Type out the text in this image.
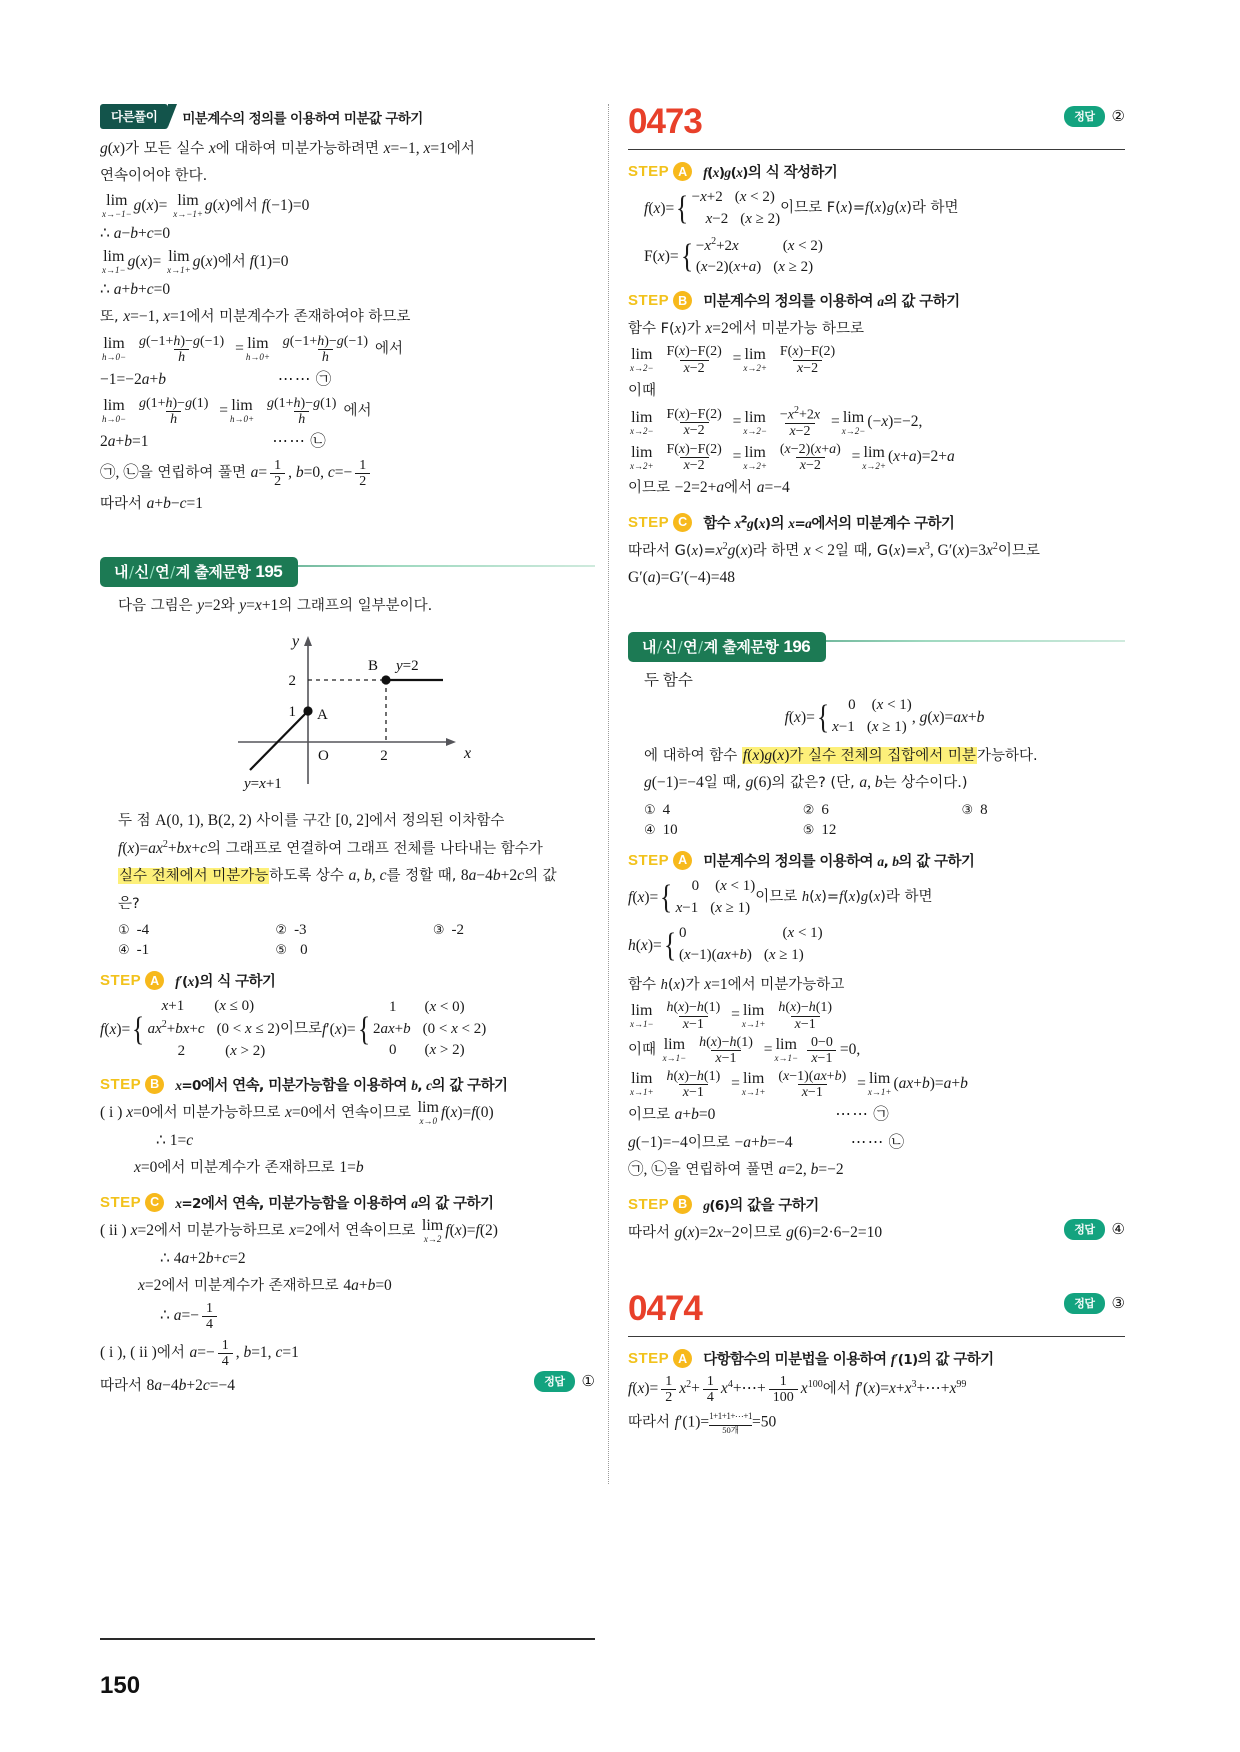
다른풀이	미분계수의 정의를 이용하여 미분값 구하기
g(x)가 모든 실수 x에 대하여 미분가능하려면 x=−1, x=1에서
연속이어야 한다.
lim
x→−1−
g(x)= lim
x→−1+
g(x)에서 f(−1)=0
∴ a−b+c=0
lim
x→1−
g(x)= lim
x→1+
g(x)에서 f(1)=0
∴ a+b+c=0
또, x=−1, x=1에서 미분계수가 존재하여야 하므로
lim
h→0−
$\frac{g(-1+h)-g(-1)}{h} = \lim$
h→0+
$\frac{g(-1+h)-g(-1)}{h}$ 에서
−1=−2a+b	⋯⋯ ㉠
lim
h→0−
$\frac{g(1+h)-g(1)}{h} = \lim$
h→0+
$\frac{g(1+h)-g(1)}{h}$ 에서
2a+b=1	⋯⋯ ㉡
㉠, ㉡을 연립하여 풀면 $a= \frac{1}{2}$ , b=0, $c=- \frac{1}{2}$
따라서 a+b−c=1
내/신/연/계 출제문항 195
다음 그림은 y=2와 y=x+1의 그래프의 일부분이다.
2
1
2
O
y
x
A
B y=2
y=x+1
두 점 A(0, 1), B(2, 2) 사이를 구간 [0, 2]에서 정의된 이차함수
$f(x)=ax^2+bx+c$의 그래프로 연결하여 그래프 전체를 나타내는 함수가
실수 전체에서 미분가능하도록 상수 a, b, c를 정할 때, 8a−4b+2c의 값
은?
① -4	② -3	③ -2
④ -1	⑤ 0
STEP A	f′(x)의 식 구하기
f(x)= {
x+1 (x ≤ 0)
$ax^2+bx+c$ (0 < x ≤ 2)
2	(x > 2)
이므로 f ′( x )= {
1 (x < 0)
2ax+b (0 < x < 2)
0 (x > 2)
STEP B	x=0에서 연속, 미분가능함을 이용하여 b, c의 값 구하기
( i ) x=0에서 미분가능하므로 x=0에서 연속이므로 lim
x→0
f(x)=f(0)
∴ 1=c
x=0에서 미분계수가 존재하므로 1=b
STEP C	x=2에서 연속, 미분가능함을 이용하여 a의 값 구하기
( ii ) x=2에서 미분가능하므로 x=2에서 연속이므로 lim
x→2
f(x)=f(2)
∴ 4a+2b+c=2
x=2에서 미분계수가 존재하므로 4a+b=0
∴ $a=- \frac{1}{4}$
( i ), ( ii )에서 $a=- \frac{1}{4}$ , b=1, c=1
따라서 8a−4b+2c=−4	정답	①
0473	정답	②
STEP A	f(x)g(x)의 식 작성하기
f(x)= { −x+2 (x < 2)
x−2 (x ≥ 2)
이므로 F(x)=f(x)g(x)라 하면
F(x)= { $-x^2+2x$	(x < 2)
(x−2)(x+a) (x ≥ 2)
STEP B	미분계수의 정의를 이용하여 a의 값 구하기
함수 F(x)가 x=2에서 미분가능 하므로
lim
x→2−
$\frac{F(x)-F(2)}{x-2} = \lim$
x→2+
$\frac{F(x)-F(2)}{x-2}$
이때
lim
x→2−
$\frac{F(x)-F(2)}{x-2} = \lim$
x→2−
$\frac{-x^2+2x}{x-2} = \lim$
x→2−
(−x)=−2,
lim
x→2+
$\frac{F(x)-F(2)}{x-2} = \lim$
x→2+
$\frac{(x-2)(x+a)}{x-2} = \lim$
x→2+
(x+a)=2+a
이므로 −2=2+a에서 a=−4
STEP C	함수 $x^2g(x)$의 x=a에서의 미분계수 구하기
따라서 $G(x)=x^2g(x)$라 하면 x < 2일 때, $G(x)=x^3$, $G'(x)=3x^2$이므로
G′(a)=G′(−4)=48
내/신/연/계 출제문항 196
두 함수
f(x)= {	0 (x < 1)
x−1 (x ≥ 1)
, g(x)=ax+b
에 대하여 함수 f(x)g(x)가 실수 전체의 집합에서 미분가능하다.
g(−1)=−4일 때, g(6)의 값은? (단, a, b는 상수이다.)
① 4	② 6	③ 8
④ 10	⑤ 12
STEP A	미분계수의 정의를 이용하여 a, b의 값 구하기
f(x)= {	0 (x < 1)
x−1 (x ≥ 1)
이므로 h(x)=f(x)g(x)라 하면
h(x)= { 0	(x < 1)
(x−1)(ax+b) (x ≥ 1)
함수 h(x)가 x=1에서 미분가능하고
lim
x→1−
$\frac{h(x)-h(1)}{x-1} = \lim$
x→1+
$\frac{h(x)-h(1)}{x-1}$
이때 lim
x→1−
$\frac{h(x)-h(1)}{x-1} = \lim$
x→1−
$\frac{0-0}{x-1} =0$,
lim
x→1+
$\frac{h(x)-h(1)}{x-1} = \lim$
x→1+
$\frac{(x-1)(ax+b)}{x-1} = \lim$
x→1+
(ax+b)=a+b
이므로 a+b=0	⋯⋯ ㉠
g(−1)=−4이므로 −a+b=−4	⋯⋯ ㉡
㉠, ㉡을 연립하여 풀면 a=2, b=−2
STEP B	g(6)의 값을 구하기
따라서 g(x)=2x−2이므로 g(6)=2·6−2=10	정답	④
0474	정답	③
STEP A	다항함수의 미분법을 이용하여 f′(1)의 값 구하기
$f(x)= \frac{1}{2} x^2+ \frac{1}{4}$ $x^4+\cdots+ \frac{1}{100} x^{100}$에서 $f'(x)=x+x^3+\cdots+x^{99}$
따라서 f′(1)= 1+1+1+⋯+1
50개 =50
150
